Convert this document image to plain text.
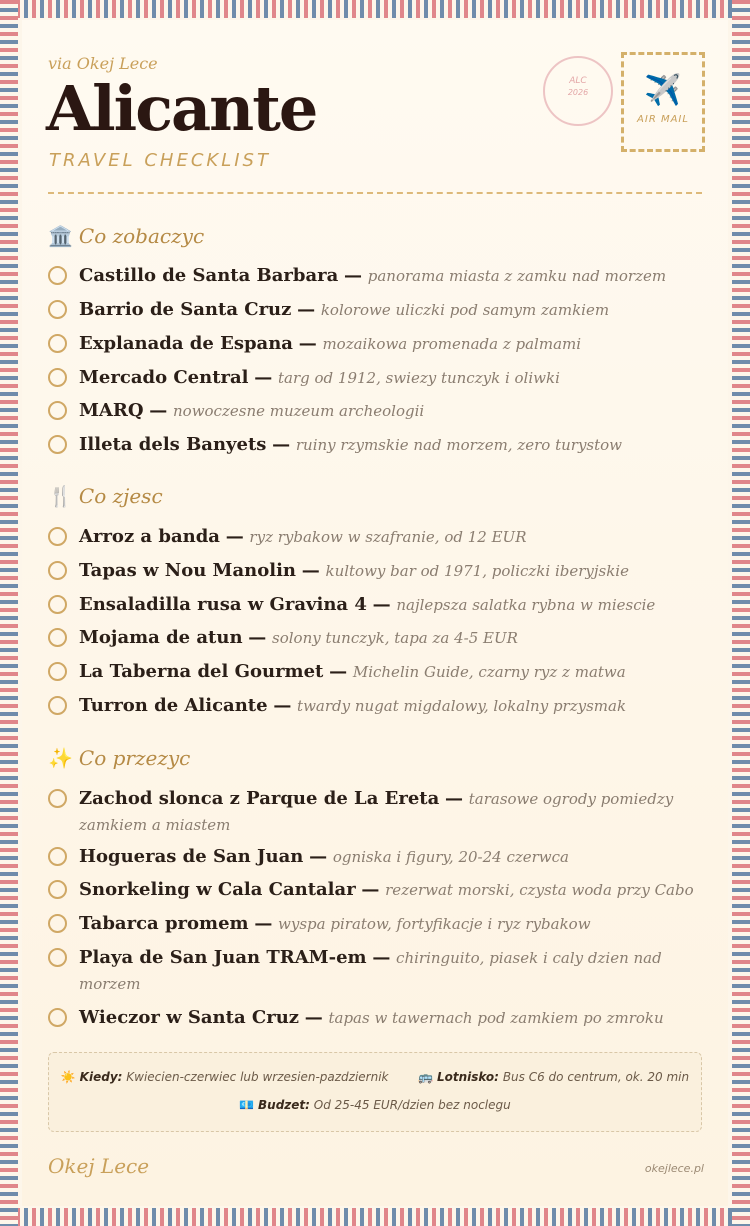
via Okej Lece
Alicante
TRAVEL CHECKLIST
ALC
2026	✈️
AIR MAIL
🏛️ Co zobaczyc
Castillo de Santa Barbara — panorama miasta z zamku nad morzem
Barrio de Santa Cruz — kolorowe uliczki pod samym zamkiem
Explanada de Espana — mozaikowa promenada z palmami
Mercado Central — targ od 1912, swiezy tunczyk i oliwki
MARQ — nowoczesne muzeum archeologii
Illeta dels Banyets — ruiny rzymskie nad morzem, zero turystow
🍴 Co zjesc
Arroz a banda — ryz rybakow w szafranie, od 12 EUR
Tapas w Nou Manolin — kultowy bar od 1971, policzki iberyjskie
Ensaladilla rusa w Gravina 4 — najlepsza salatka rybna w miescie
Mojama de atun — solony tunczyk, tapa za 4-5 EUR
La Taberna del Gourmet — Michelin Guide, czarny ryz z matwa
Turron de Alicante — twardy nugat migdalowy, lokalny przysmak
✨ Co przezyc
Zachod slonca z Parque de La Ereta — tarasowe ogrody pomiedzy zamkiem a miastem
Hogueras de San Juan — ogniska i figury, 20-24 czerwca
Snorkeling w Cala Cantalar — rezerwat morski, czysta woda przy Cabo
Tabarca promem — wyspa piratow, fortyfikacje i ryz rybakow
Playa de San Juan TRAM-em — chiringuito, piasek i caly dzien nad morzem
Wieczor w Santa Cruz — tapas w tawernach pod zamkiem po zmroku
☀️ Kiedy: Kwiecien-czerwiec lub wrzesien-pazdziernik 🚌 Lotnisko: Bus C6 do centrum, ok. 20 min
💶 Budzet: Od 25-45 EUR/dzien bez noclegu
Okej Lece	okejlece.pl
